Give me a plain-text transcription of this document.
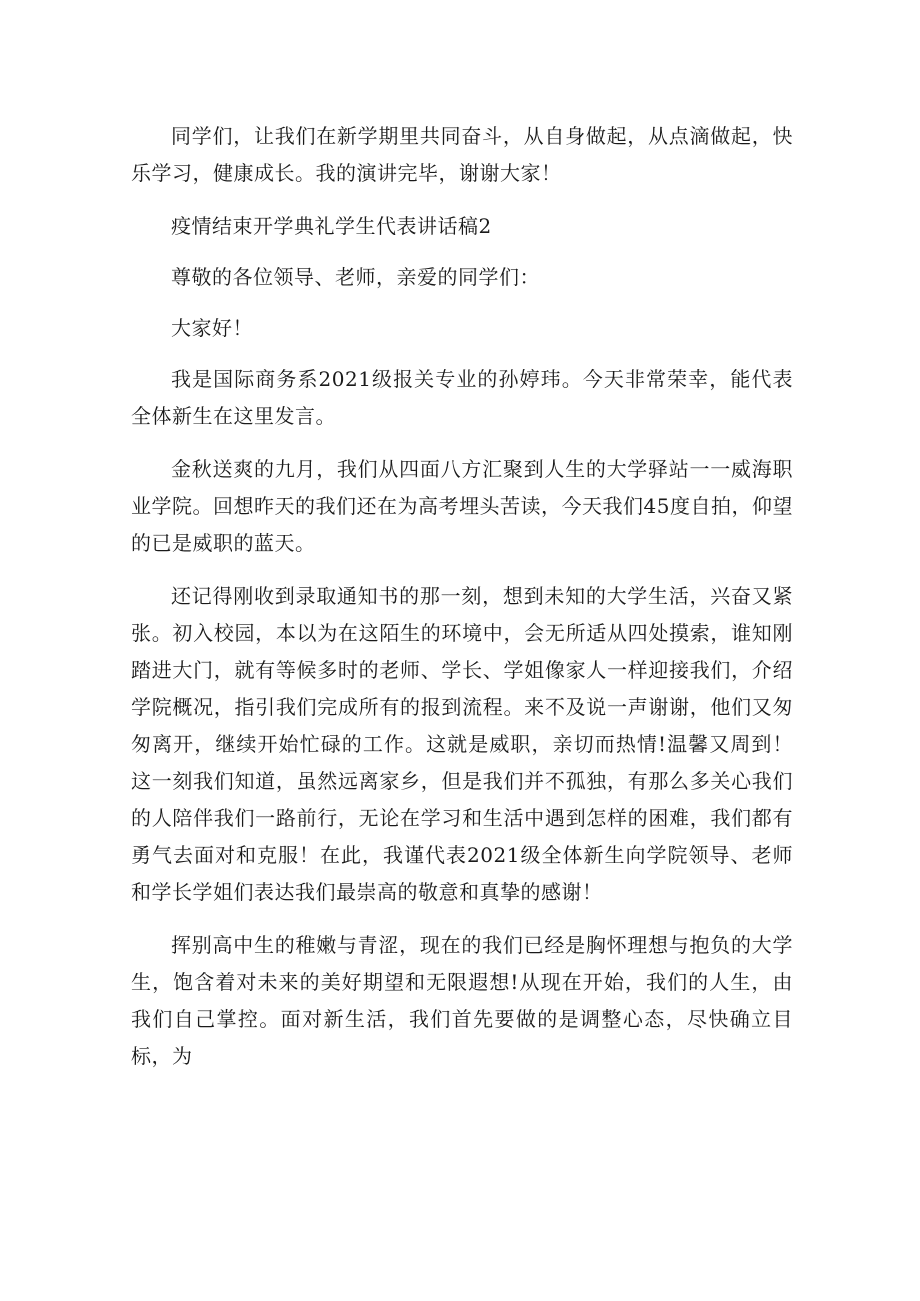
同学们，让我们在新学期里共同奋斗，从自身做起，从点滴做起，快乐学习，健康成长。我的演讲完毕，谢谢大家！

疫情结束开学典礼学生代表讲话稿2

尊敬的各位领导、老师，亲爱的同学们：

大家好！

我是国际商务系2021级报关专业的孙婷玮。今天非常荣幸，能代表全体新生在这里发言。

金秋送爽的九月，我们从四面八方汇聚到人生的大学驿站一一威海职业学院。回想昨天的我们还在为高考埋头苦读，今天我们45度自拍，仰望的已是威职的蓝天。

还记得刚收到录取通知书的那一刻，想到未知的大学生活，兴奋又紧张。初入校园，本以为在这陌生的环境中，会无所适从四处摸索，谁知刚踏进大门，就有等候多时的老师、学长、学姐像家人一样迎接我们，介绍学院概况，指引我们完成所有的报到流程。来不及说一声谢谢，他们又匆匆离开，继续开始忙碌的工作。这就是威职，亲切而热情!温馨又周到！这一刻我们知道，虽然远离家乡，但是我们并不孤独，有那么多关心我们的人陪伴我们一路前行，无论在学习和生活中遇到怎样的困难，我们都有勇气去面对和克服！在此，我谨代表2021级全体新生向学院领导、老师和学长学姐们表达我们最崇高的敬意和真挚的感谢！

挥别高中生的稚嫩与青涩，现在的我们已经是胸怀理想与抱负的大学生，饱含着对未来的美好期望和无限遐想!从现在开始，我们的人生，由我们自己掌控。面对新生活，我们首先要做的是调整心态，尽快确立目标，为
